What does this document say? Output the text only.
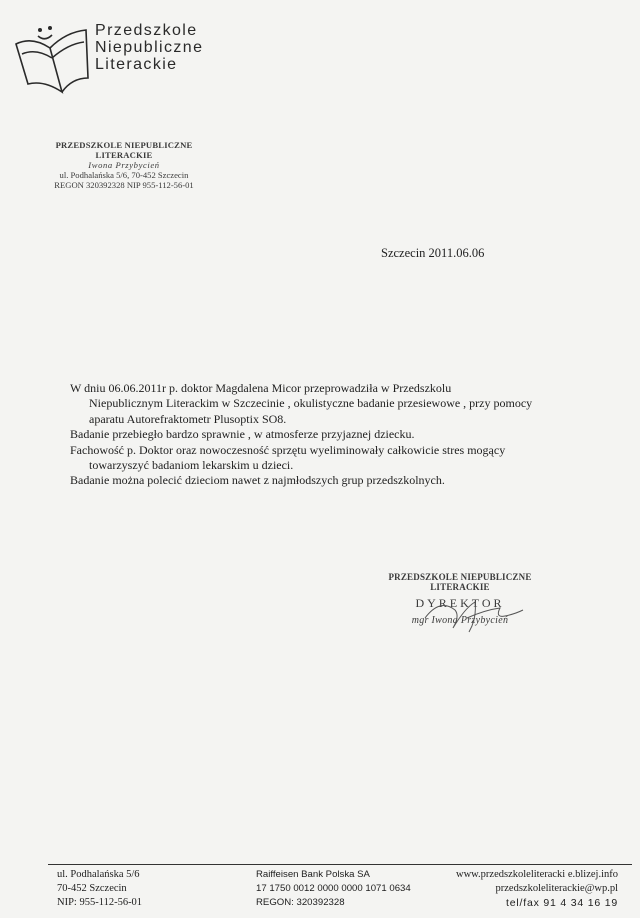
Przedszkole
Niepubliczne
Literackie
PRZEDSZKOLE NIEPUBLICZNE
LITERACKIE
Iwona Przybycień
ul. Podhalańska 5/6, 70-452 Szczecin
REGON 320392328 NIP 955-112-56-01
Szczecin 2011.06.06

W dniu 06.06.2011r p. doktor Magdalena Micor przeprowadziła w Przedszkolu

Niepublicznym Literackim w Szczecinie , okulistyczne badanie przesiewowe , przy pomocy

aparatu Autorefraktometr Plusoptix SO8.

Badanie przebiegło bardzo sprawnie , w atmosferze przyjaznej dziecku.

Fachowość p. Doktor oraz nowoczesność sprzętu wyeliminowały całkowicie stres mogący

towarzyszyć badaniom lekarskim u dzieci.

Badanie można polecić dzieciom nawet z najmłodszych grup przedszkolnych.

PRZEDSZKOLE NIEPUBLICZNE
LITERACKIE
DYREKTOR
mgr Iwona Przybycień
ul. Podhalańska 5/6
70-452 Szczecin
NIP: 955-112-56-01
Raiffeisen Bank Polska SA
17 1750 0012 0000 0000 1071 0634
REGON: 320392328
www.przedszkoleliteracki e.blizej.info
przedszkoleliterackie@wp.pl
tel/fax 91 4 34 16 19
